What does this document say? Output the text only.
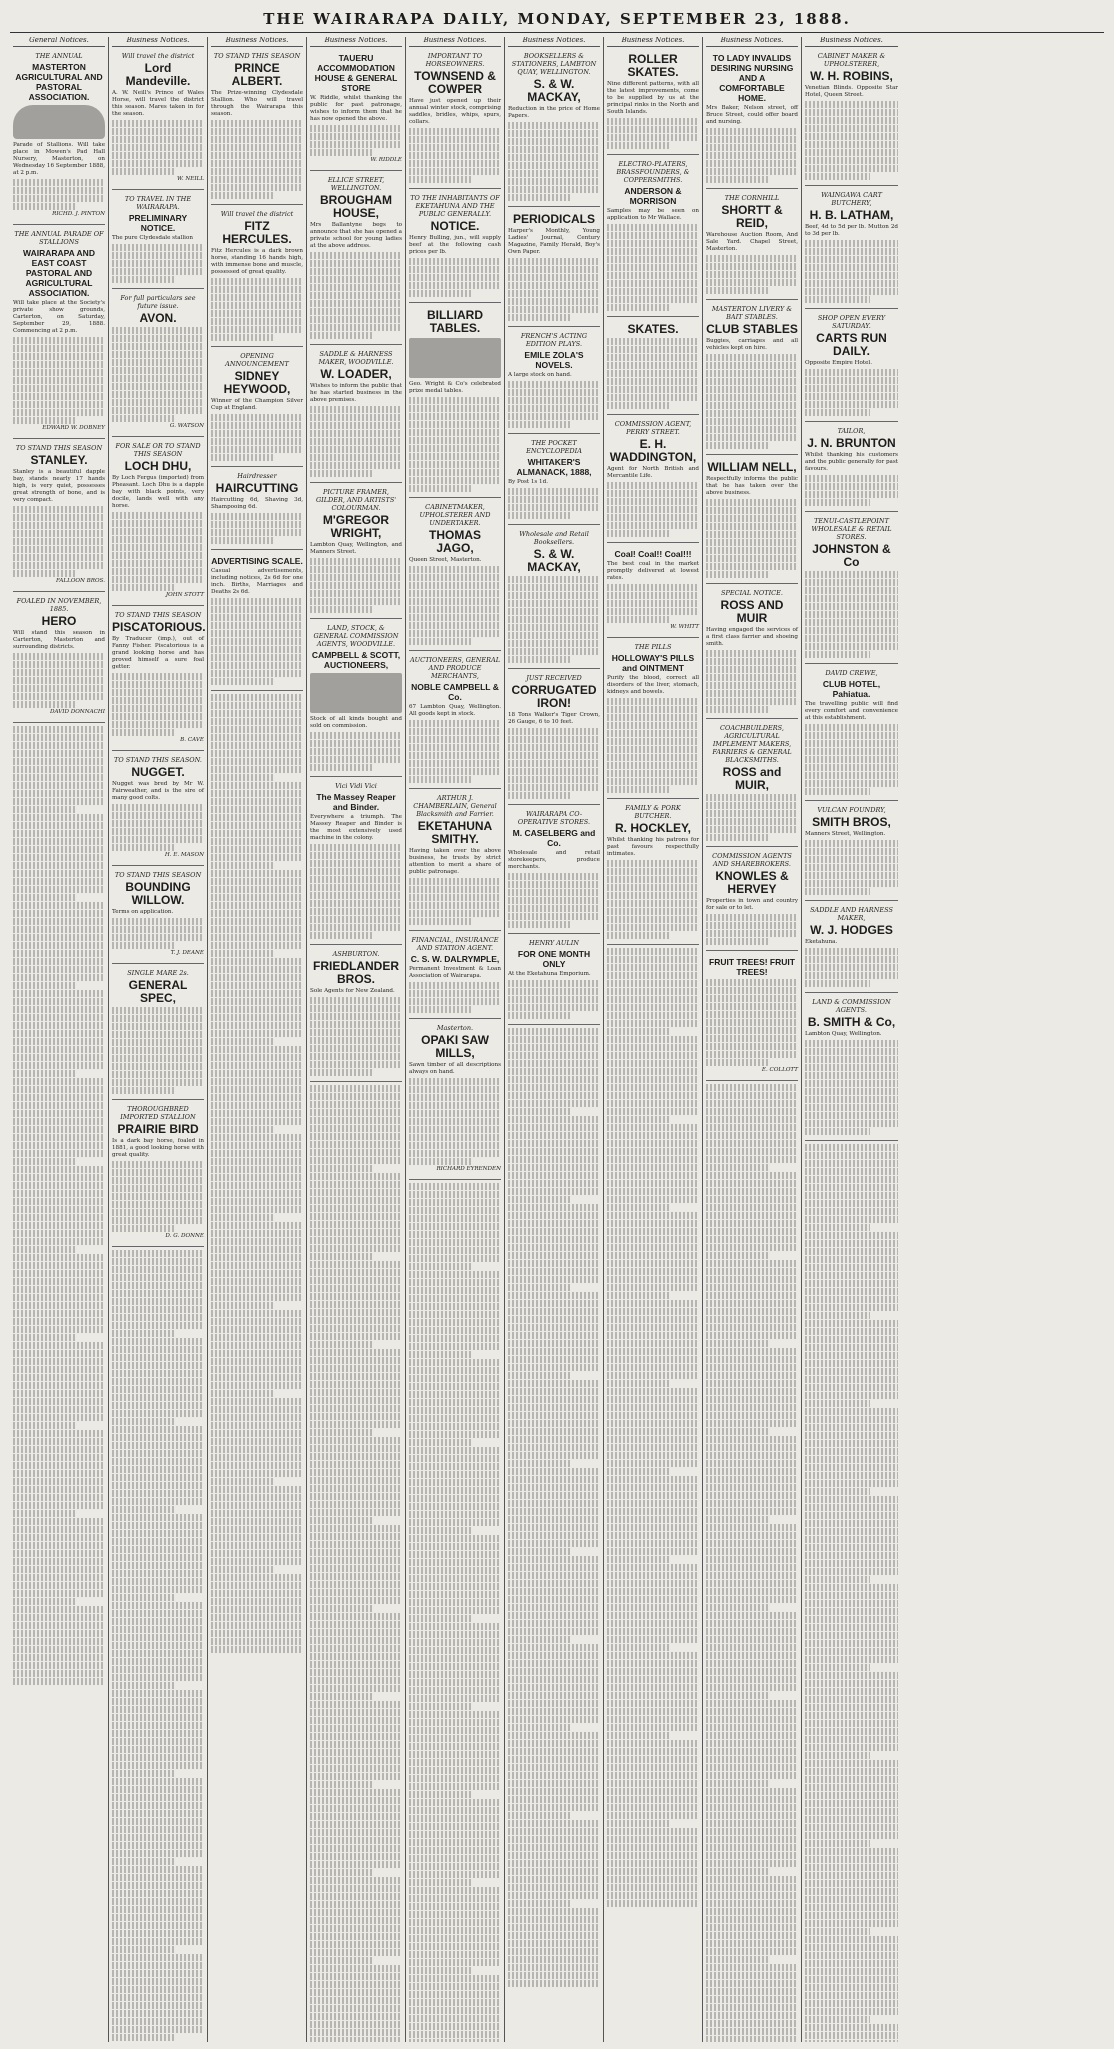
THE WAIRARAPA DAILY, MONDAY, SEPTEMBER 23, 1888.
General Notices.
THE ANNUAL
MASTERTON AGRICULTURAL AND PASTORAL ASSOCIATION.

Parade of Stallions. Will take place in Mowen's Pad Hall Nursery, Masterton, on Wednesday 16 September 1888, at 2 p.m.

RICHD. J. PINTON

THE ANNUAL PARADE OF STALLIONS
WAIRARAPA AND EAST COAST PASTORAL AND AGRICULTURAL ASSOCIATION.

Will take place at the Society's private show grounds, Carterton, on Saturday, September 29, 1888. Commencing at 2 p.m.

EDWARD W. DOBNEY

TO STAND THIS SEASON
STANLEY.

Stanley is a beautiful dapple bay, stands nearly 17 hands high, is very quiet, possesses great strength of bone, and is very compact.

FALLOON BROS.

FOALED IN NOVEMBER, 1885.
HERO

Will stand this season in Carterton, Masterton and surrounding districts.

DAVID DONNACHI

Business Notices.
Will travel the district
Lord Mandeville.

A. W. Neill's Prince of Wales Horse, will travel the district this season. Mares taken in for the season.

W. NEILL

TO TRAVEL IN THE WAIRARAPA.
PRELIMINARY NOTICE.

The pure Clydesdale stallion

For full particulars see future issue.
AVON.

G. WATSON

FOR SALE OR TO STAND THIS SEASON
LOCH DHU,

By Loch Fergus (imported) from Pheasant. Loch Dhu is a dapple bay with black points, very docile, lands well with any horse.

JOHN STOTT

TO STAND THIS SEASON
PISCATORIOUS.

By Traducer (imp.), out of Fanny Fisher. Piscatorious is a grand looking horse and has proved himself a sure foal getter.

B. CAVE

TO STAND THIS SEASON.
NUGGET.

Nugget was bred by Mr W. Fairweather, and is the sire of many good colts.

H. E. MASON

TO STAND THIS SEASON
BOUNDING WILLOW.

Terms on application.

T. J. DEANE

SINGLE MARE 2s.
GENERAL SPEC,
THOROUGHBRED IMPORTED STALLION
PRAIRIE BIRD

Is a dark bay horse, foaled in 1881, a good looking horse with great quality.

D. G. DONNE

Business Notices.
TO STAND THIS SEASON
PRINCE ALBERT.

The Prize-winning Clydesdale Stallion. Who will travel through the Wairarapa this season.

Will travel the district
FITZ HERCULES.

Fitz Hercules is a dark brown horse, standing 16 hands high, with immense bone and muscle, possessed of great quality.

OPENING ANNOUNCEMENT
SIDNEY HEYWOOD,

Winner of the Champion Silver Cup at England.

Hairdresser
HAIRCUTTING

Haircutting 6d, Shaving 3d, Shampooing 6d.

ADVERTISING SCALE.

Casual advertisements, including notices, 2s 6d for one inch. Births, Marriages and Deaths 2s 6d.

Business Notices.
TAUERU ACCOMMODATION HOUSE & GENERAL STORE

W. Riddle, whilst thanking the public for past patronage, wishes to inform them that he has now opened the above.

W. RIDDLE

ELLICE STREET, WELLINGTON.
BROUGHAM HOUSE,

Mrs Ballantyne begs to announce that she has opened a private school for young ladies at the above address.

SADDLE & HARNESS MAKER, WOODVILLE.
W. LOADER,

Wishes to inform the public that he has started business in the above premises.

PICTURE FRAMER, GILDER, AND ARTISTS' COLOURMAN.
M'GREGOR WRIGHT,

Lambton Quay, Wellington, and Manners Street.

LAND, STOCK, & GENERAL COMMISSION AGENTS, WOODVILLE.
CAMPBELL & SCOTT, AUCTIONEERS,

Stock of all kinds bought and sold on commission.

Vici Vidi Vici
The Massey Reaper and Binder.

Everywhere a triumph. The Massey Reaper and Binder is the most extensively used machine in the colony.

ASHBURTON.
FRIEDLANDER BROS.

Sole Agents for New Zealand.

Business Notices.
IMPORTANT TO HORSEOWNERS.
TOWNSEND & COWPER

Have just opened up their annual winter stock, comprising saddles, bridles, whips, spurs, collars.

TO THE INHABITANTS OF EKETAHUNA AND THE PUBLIC GENERALLY.
NOTICE.

Henry Bulling, jun., will supply beef at the following cash prices per lb.

BILLIARD TABLES.

Geo. Wright & Co's celebrated prize medal tables.

CABINETMAKER, UPHOLSTERER AND UNDERTAKER.
THOMAS JAGO,

Queen Street, Masterton.

AUCTIONEERS, GENERAL AND PRODUCE MERCHANTS,
NOBLE CAMPBELL & Co.

67 Lambton Quay, Wellington. All goods kept in stock.

ARTHUR J. CHAMBERLAIN, General Blacksmith and Farrier.
EKETAHUNA SMITHY.

Having taken over the above business, he trusts by strict attention to merit a share of public patronage.

FINANCIAL, INSURANCE AND STATION AGENT.
C. S. W. DALRYMPLE,

Permanent Investment & Loan Association of Wairarapa.

Masterton.
OPAKI SAW MILLS,

Sawn timber of all descriptions always on hand.

RICHARD EYRENDEN

Business Notices.
BOOKSELLERS & STATIONERS, LAMBTON QUAY, WELLINGTON.
S. & W. MACKAY,

Reduction in the price of Home Papers.

PERIODICALS

Harper's Monthly, Young Ladies' Journal, Century Magazine, Family Herald, Boy's Own Paper.

FRENCH'S ACTING EDITION PLAYS.
EMILE ZOLA'S NOVELS.

A large stock on hand.

THE POCKET ENCYCLOPEDIA
WHITAKER'S ALMANACK, 1888,

By Post 1s 1d.

Wholesale and Retail Booksellers.
S. & W. MACKAY,
JUST RECEIVED
CORRUGATED IRON!

18 Tons Walker's Tiger Crown, 26 Gauge, 6 to 10 feet.

WAIRARAPA CO-OPERATIVE STORES.
M. CASELBERG and Co.

Wholesale and retail storekeepers, produce merchants.

HENRY AULIN
FOR ONE MONTH ONLY

At the Eketahuna Emporium.

Business Notices.
ROLLER SKATES.

Nine different patterns, with all the latest improvements, come to be supplied by us at the principal rinks in the North and South Islands.

ELECTRO-PLATERS, BRASSFOUNDERS, & COPPERSMITHS.
ANDERSON & MORRISON

Samples may be seen on application to Mr Wallace.

SKATES.
COMMISSION AGENT, PERRY STREET.
E. H. WADDINGTON,

Agent for North British and Mercantile Life.

Coal! Coal!! Coal!!!

The best coal in the market promptly delivered at lowest rates.

W. WHITT

THE PILLS
HOLLOWAY'S PILLS and OINTMENT

Purify the blood, correct all disorders of the liver, stomach, kidneys and bowels.

FAMILY & PORK BUTCHER.
R. HOCKLEY,

Whilst thanking his patrons for past favours respectfully intimates.

Business Notices.
TO LADY INVALIDS DESIRING NURSING AND A COMFORTABLE HOME.

Mrs Baker, Nelson street, off Bruce Street, could offer board and nursing.

THE CORNHILL
SHORTT & REID,

Warehouse Auction Room, And Sale Yard. Chapel Street, Masterton.

MASTERTON LIVERY & BAIT STABLES.
CLUB STABLES

Buggies, carriages and all vehicles kept on hire.

WILLIAM NELL,

Respectfully informs the public that he has taken over the above business.

SPECIAL NOTICE.
ROSS AND MUIR

Having engaged the services of a first class farrier and shoeing smith.

COACHBUILDERS, AGRICULTURAL IMPLEMENT MAKERS, FARRIERS & GENERAL BLACKSMITHS.
ROSS and MUIR,
COMMISSION AGENTS AND SHAREBROKERS.
KNOWLES & HERVEY

Properties in town and country for sale or to let.

FRUIT TREES! FRUIT TREES!

E. COLLOTT

Business Notices.
CABINET MAKER & UPHOLSTERER,
W. H. ROBINS,

Venetian Blinds. Opposite Star Hotel, Queen Street.

WAINGAWA CART BUTCHERY,
H. B. LATHAM,

Beef, 4d to 5d per lb. Mutton 2d to 3d per lb.

SHOP OPEN EVERY SATURDAY.
CARTS RUN DAILY.

Opposite Empire Hotel.

TAILOR,
J. N. BRUNTON

Whilst thanking his customers and the public generally for past favours.

TENUI-CASTLEPOINT WHOLESALE & RETAIL STORES.
JOHNSTON & Co
DAVID CREWE,
CLUB HOTEL, Pahiatua.

The travelling public will find every comfort and convenience at this establishment.

VULCAN FOUNDRY,
SMITH BROS,

Manners Street, Wellington.

SADDLE AND HARNESS MAKER,
W. J. HODGES

Eketahuna.

LAND & COMMISSION AGENTS.
B. SMITH & Co,

Lambton Quay, Wellington.
